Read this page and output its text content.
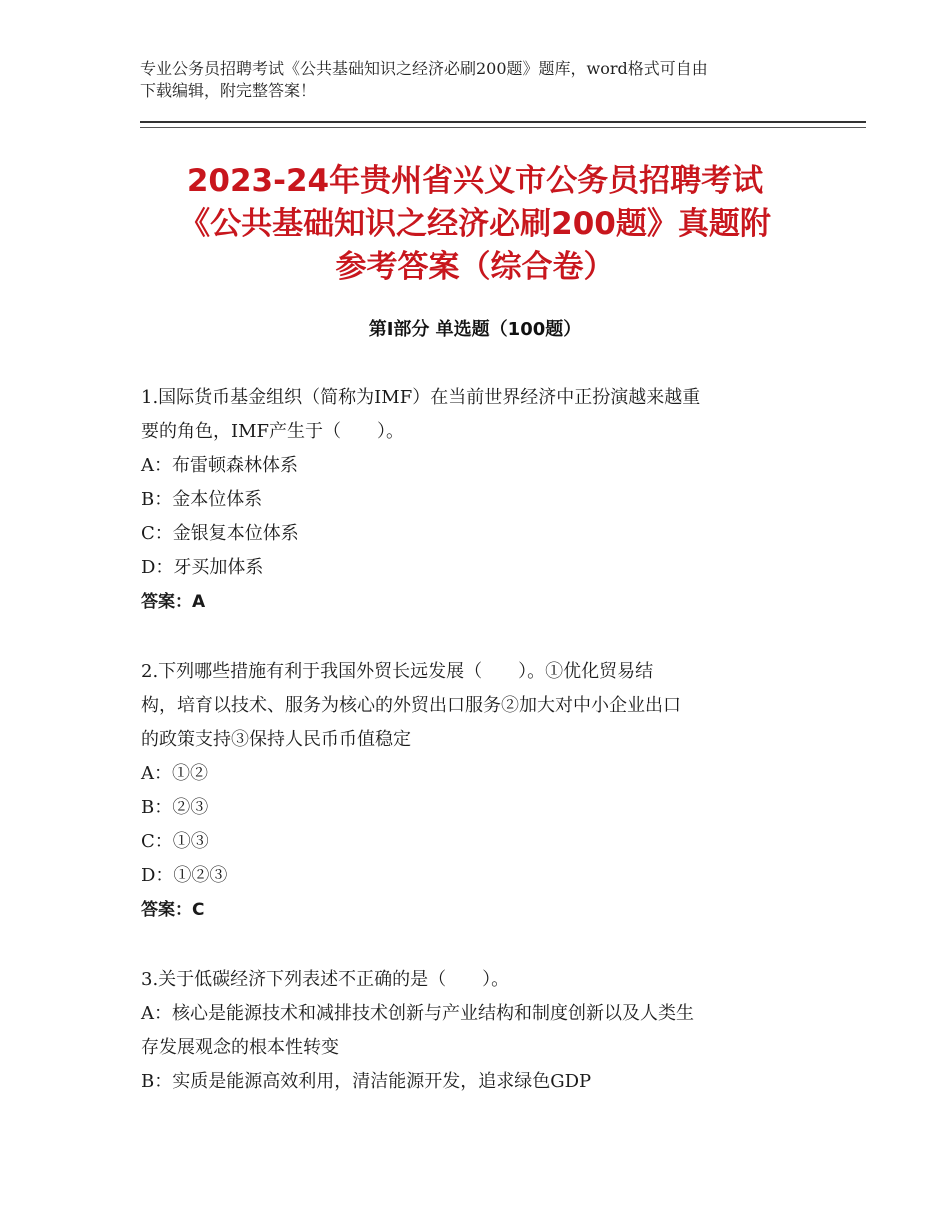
专业公务员招聘考试《公共基础知识之经济必刷200题》题库，word格式可自由
下载编辑，附完整答案！
2023-24年贵州省兴义市公务员招聘考试
《公共基础知识之经济必刷200题》真题附
参考答案（综合卷）
第Ⅰ部分 单选题（100题）
1.国际货币基金组织（简称为IMF）在当前世界经济中正扮演越来越重
要的角色，IMF产生于（　　）。
A：布雷顿森林体系
B：金本位体系
C：金银复本位体系
D：牙买加体系
答案：A
2.下列哪些措施有利于我国外贸长远发展（　　）。①优化贸易结
构，培育以技术、服务为核心的外贸出口服务②加大对中小企业出口
的政策支持③保持人民币币值稳定
A：①②
B：②③
C：①③
D：①②③
答案：C
3.关于低碳经济下列表述不正确的是（　　）。
A：核心是能源技术和减排技术创新与产业结构和制度创新以及人类生
存发展观念的根本性转变
B：实质是能源高效利用，清洁能源开发，追求绿色GDP
